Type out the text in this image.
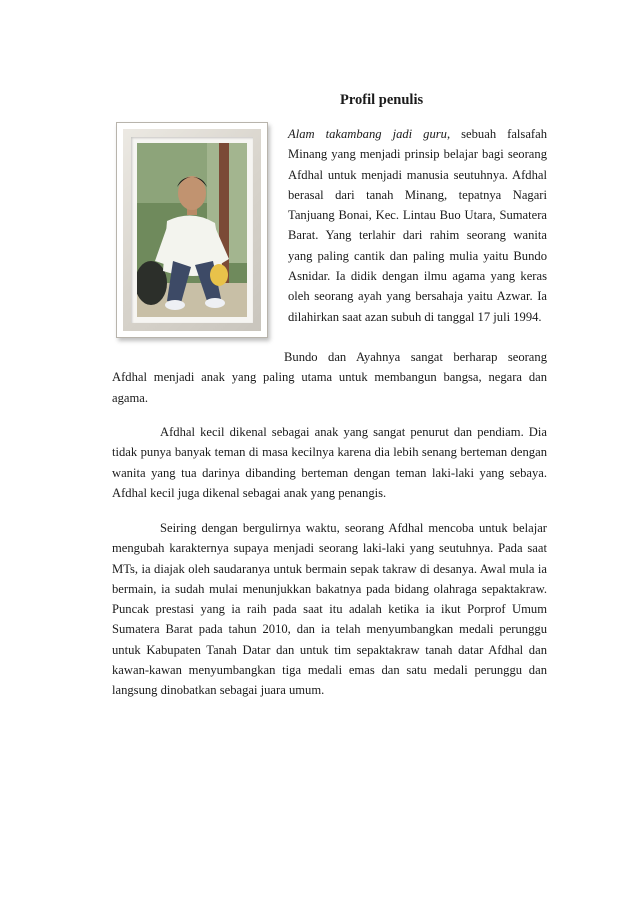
Profil penulis
Alam takambang jadi guru, sebuah falsafah Minang yang menjadi prinsip belajar bagi seorang Afdhal untuk menjadi manusia seutuhnya. Afdhal berasal dari tanah Minang, tepatnya Nagari Tanjuang Bonai, Kec. Lintau Buo Utara, Sumatera Barat. Yang terlahir dari rahim seorang wanita yang paling cantik dan paling mulia yaitu Bundo Asnidar. Ia didik dengan ilmu agama yang keras oleh seorang ayah yang bersahaja yaitu Azwar. Ia dilahirkan saat azan subuh di tanggal 17 juli 1994.
Bundo dan Ayahnya sangat berharap seorang Afdhal menjadi anak yang paling utama untuk membangun bangsa, negara dan agama.
Afdhal kecil dikenal sebagai anak yang sangat penurut dan pendiam. Dia tidak punya banyak teman di masa kecilnya karena dia lebih senang berteman dengan wanita yang tua darinya dibanding berteman dengan teman laki-laki yang sebaya. Afdhal kecil juga dikenal sebagai anak yang penangis.
Seiring dengan bergulirnya waktu, seorang Afdhal mencoba untuk belajar mengubah karakternya supaya menjadi seorang laki-laki yang seutuhnya. Pada saat MTs, ia diajak oleh saudaranya untuk bermain sepak takraw di desanya. Awal mula ia bermain, ia sudah mulai menunjukkan bakatnya pada bidang olahraga sepaktakraw. Puncak prestasi yang ia raih pada saat itu adalah ketika ia ikut Porprof Umum Sumatera Barat pada tahun 2010, dan ia telah menyumbangkan medali perunggu untuk Kabupaten Tanah Datar dan untuk tim sepaktakraw tanah datar Afdhal dan kawan-kawan menyumbangkan tiga medali emas dan satu medali perunggu dan langsung dinobatkan sebagai juara umum.
